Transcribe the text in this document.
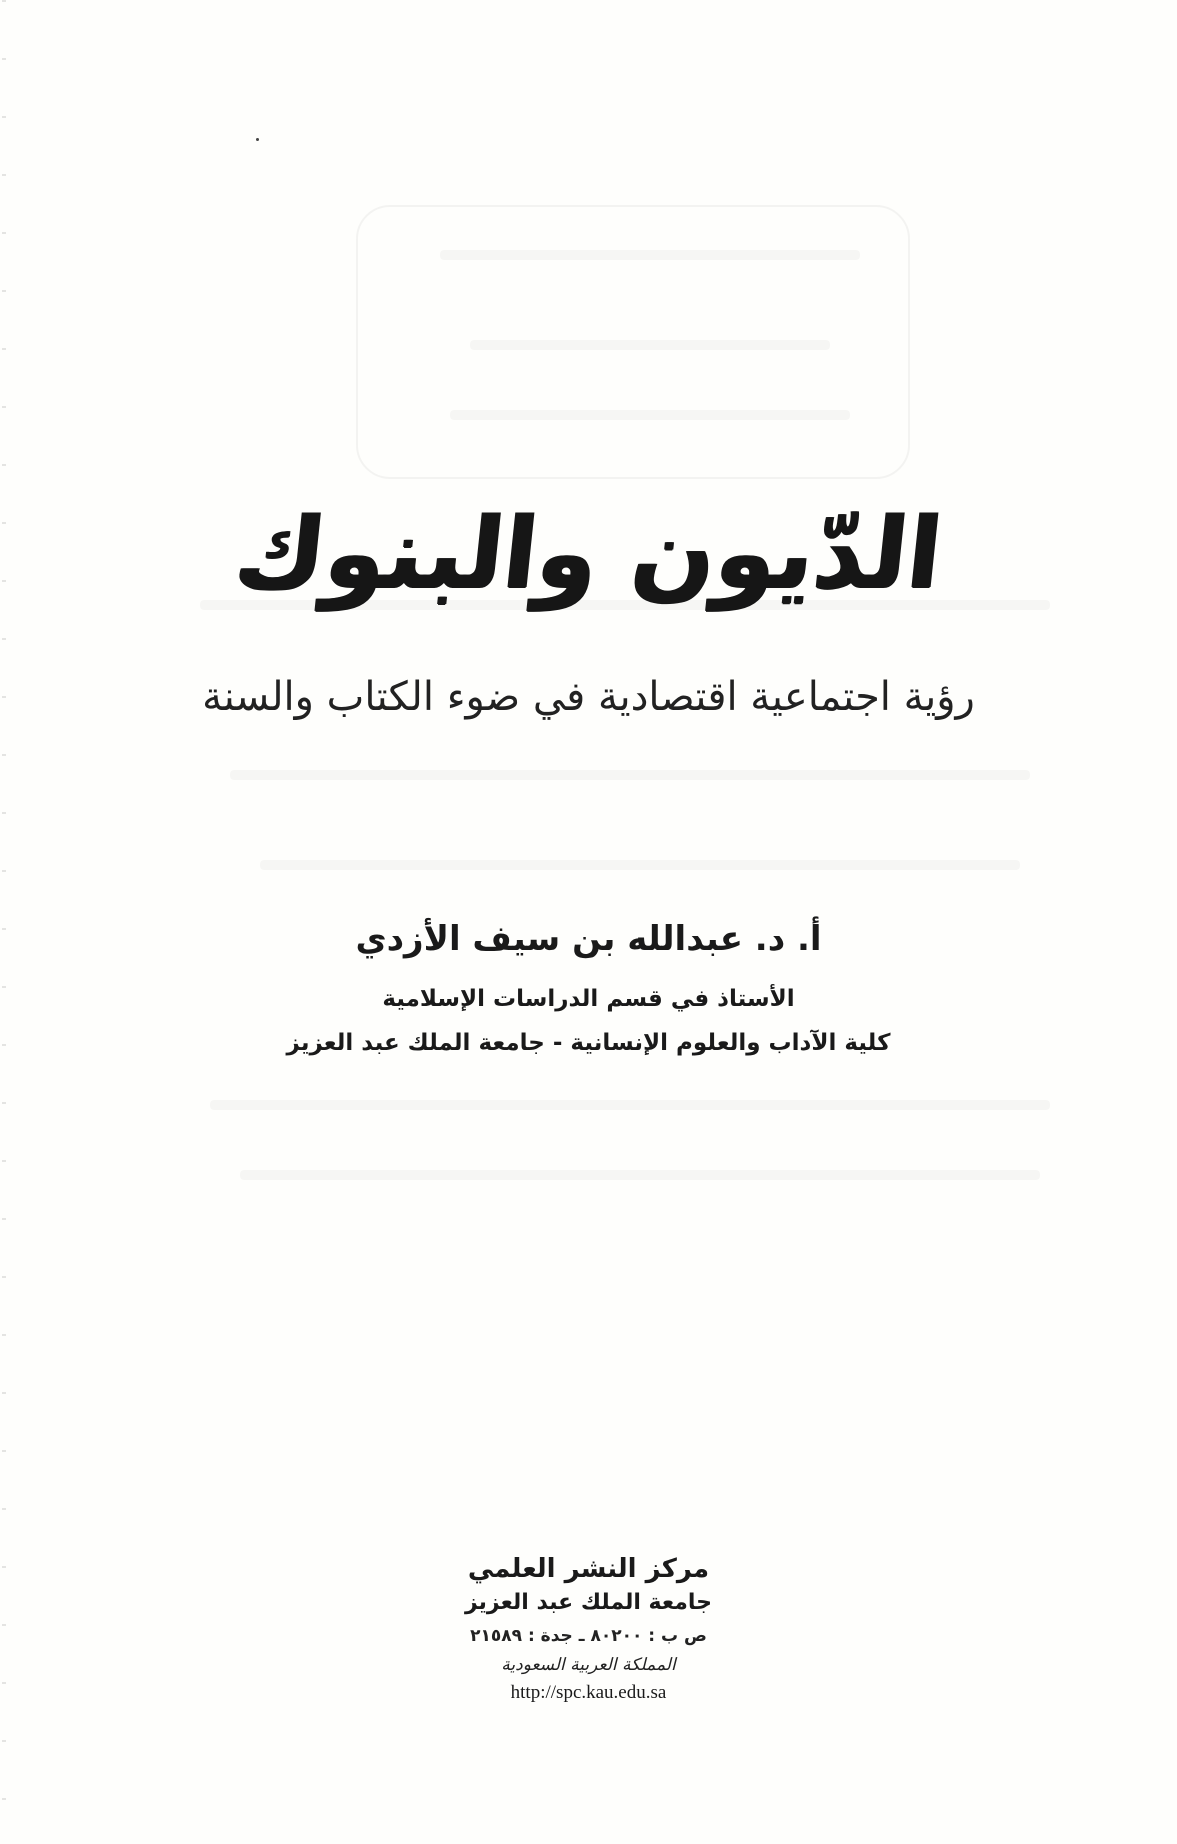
الدّيون والبنوك
رؤية اجتماعية اقتصادية في ضوء الكتاب والسنة
أ. د. عبدالله بن سيف الأزدي
الأستاذ في قسم الدراسات الإسلامية
كلية الآداب والعلوم الإنسانية - جامعة الملك عبد العزيز
مركز النشر العلمي
جامعة الملك عبد العزيز
ص ب : ٨٠٢٠٠ ـ جدة : ٢١٥٨٩
المملكة العربية السعودية
http://spc.kau.edu.sa
